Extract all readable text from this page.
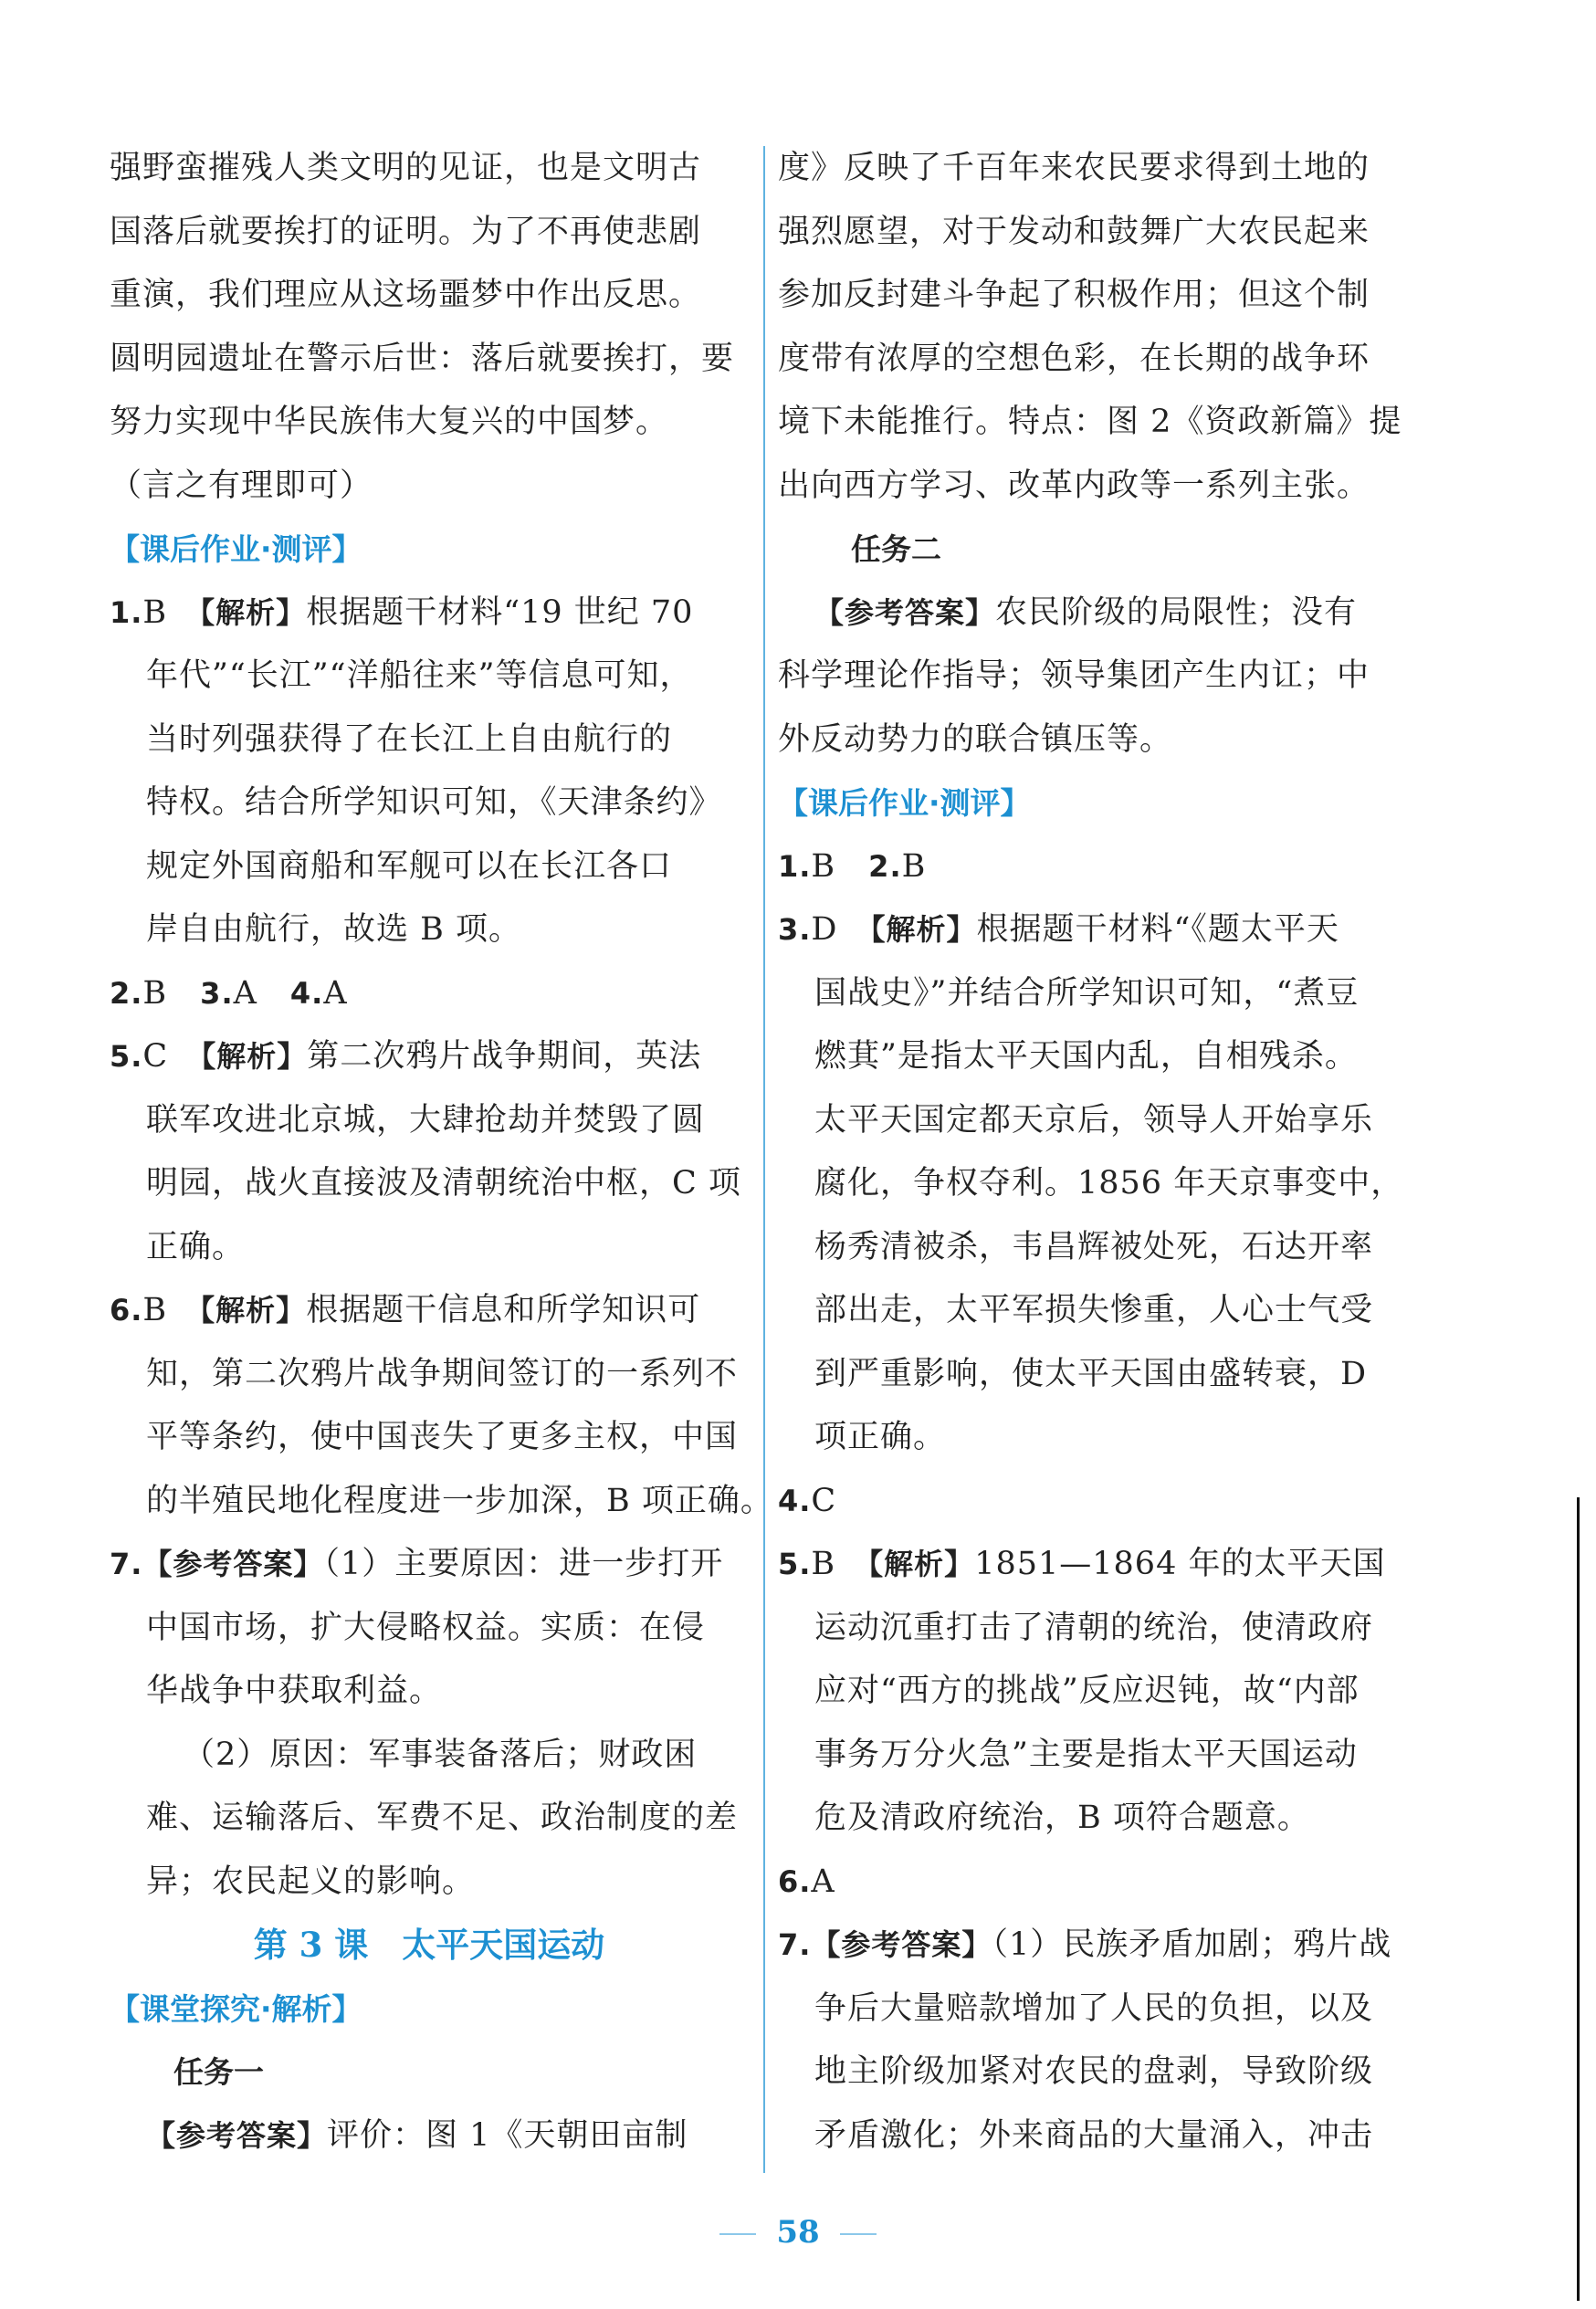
强野蛮摧残人类文明的见证，也是文明古

国落后就要挨打的证明。为了不再使悲剧

重演，我们理应从这场噩梦中作出反思。

圆明园遗址在警示后世：落后就要挨打，要

努力实现中华民族伟大复兴的中国梦。

（言之有理即可）

【课后作业·测评】

1.B　 【解析】根据题干材料“19 世纪 70

年代”“长江”“洋船往来”等信息可知，

当时列强获得了在长江上自由航行的

特权。结合所学知识可知，《天津条约》

规定外国商船和军舰可以在长江各口

岸自由航行，故选 B 项。

2.B　 3.A　 4.A

5.C　 【解析】第二次鸦片战争期间，英法

联军攻进北京城，大肆抢劫并焚毁了圆

明园，战火直接波及清朝统治中枢，C 项

正确。

6.B　 【解析】根据题干信息和所学知识可

知，第二次鸦片战争期间签订的一系列不

平等条约，使中国丧失了更多主权，中国

的半殖民地化程度进一步加深，B 项正确。

7.【参考答案】（1）主要原因：进一步打开

中国市场，扩大侵略权益。实质：在侵

华战争中获取利益。

（2）原因：军事装备落后；财政困

难、运输落后、军费不足、政治制度的差

异；农民起义的影响。

第 3 课　太平天国运动

【课堂探究·解析】

任务一

【参考答案】评价：图 1《天朝田亩制

度》反映了千百年来农民要求得到土地的

强烈愿望，对于发动和鼓舞广大农民起来

参加反封建斗争起了积极作用；但这个制

度带有浓厚的空想色彩，在长期的战争环

境下未能推行。特点：图 2《资政新篇》提

出向西方学习、改革内政等一系列主张。

任务二

【参考答案】农民阶级的局限性；没有

科学理论作指导；领导集团产生内讧；中

外反动势力的联合镇压等。

【课后作业·测评】

1.B　 2.B

3.D　 【解析】根据题干材料“《题太平天

国战史》”并结合所学知识可知，“煮豆

燃萁”是指太平天国内乱，自相残杀。

太平天国定都天京后，领导人开始享乐

腐化，争权夺利。1856 年天京事变中，

杨秀清被杀，韦昌辉被处死，石达开率

部出走，太平军损失惨重，人心士气受

到严重影响，使太平天国由盛转衰，D

项正确。

4.C

5.B　 【解析】1851—1864 年的太平天国

运动沉重打击了清朝的统治，使清政府

应对“西方的挑战”反应迟钝，故“内部

事务万分火急”主要是指太平天国运动

危及清政府统治，B 项符合题意。

6.A

7.【参考答案】（1）民族矛盾加剧；鸦片战

争后大量赔款增加了人民的负担，以及

地主阶级加紧对农民的盘剥，导致阶级

矛盾激化；外来商品的大量涌入，冲击

58
